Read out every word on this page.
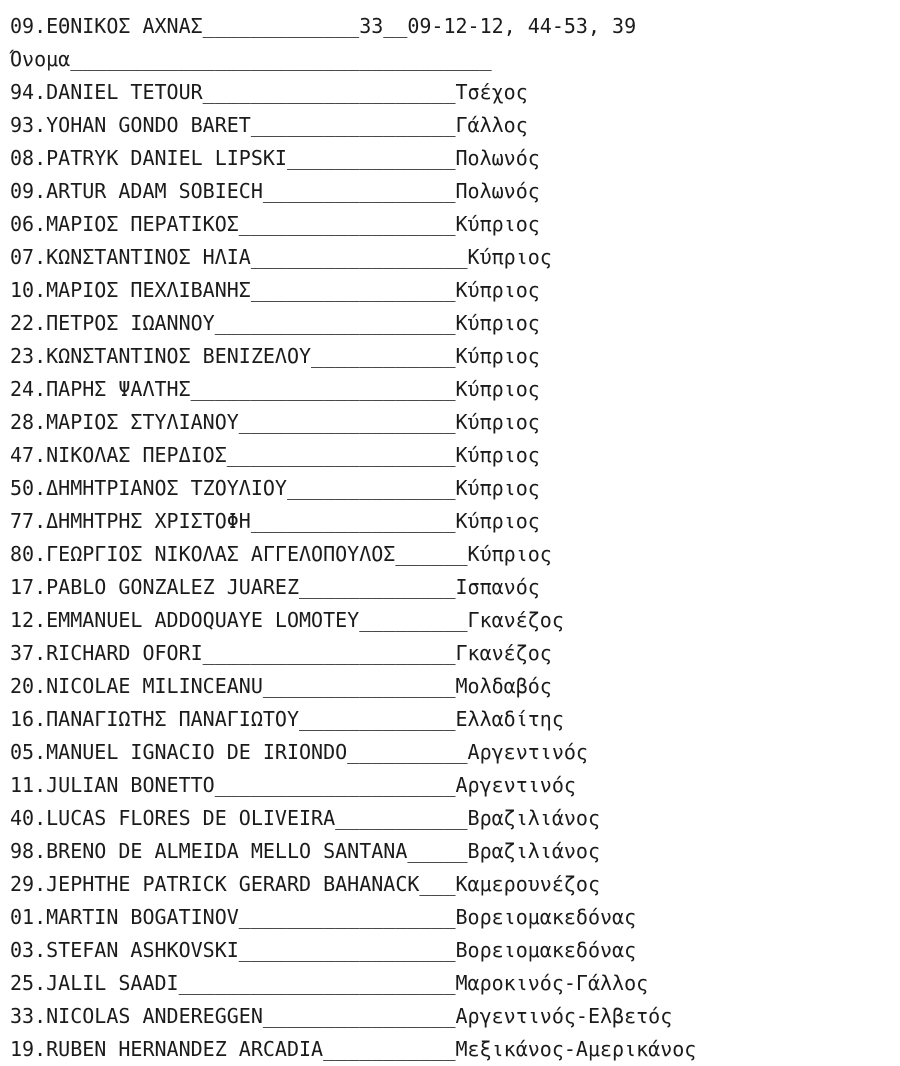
09.ΕΘΝΙΚΟΣ ΑΧΝΑΣ_____________33__09-12-12, 44-53, 39
Όνομα___________________________________
94.DANIEL TETOUR_____________________Τσέχος
93.YOHAN GONDO BARET_________________Γάλλος
08.PATRYK DANIEL LIPSKI______________Πολωνός
09.ARTUR ADAM SOBIECH________________Πολωνός
06.ΜΑΡΙΟΣ ΠΕΡΑΤΙΚΟΣ__________________Κύπριος
07.ΚΩΝΣΤΑΝΤΙΝΟΣ ΗΛΙΑ__________________Κύπριος
10.ΜΑΡΙΟΣ ΠΕΧΛΙΒΑΝΗΣ_________________Κύπριος
22.ΠΕΤΡΟΣ ΙΩΑΝΝΟΥ____________________Κύπριος
23.ΚΩΝΣΤΑΝΤΙΝΟΣ ΒΕΝΙΖΕΛΟΥ____________Κύπριος
24.ΠΑΡΗΣ ΨΑΛΤΗΣ______________________Κύπριος
28.ΜΑΡΙΟΣ ΣΤΥΛΙΑΝΟΥ__________________Κύπριος
47.ΝΙΚΟΛΑΣ ΠΕΡΔΙΟΣ___________________Κύπριος
50.ΔΗΜΗΤΡΙΑΝΟΣ ΤΖΟΥΛΙΟΥ______________Κύπριος
77.ΔΗΜΗΤΡΗΣ ΧΡΙΣΤΟΦΗ_________________Κύπριος
80.ΓΕΩΡΓΙΟΣ ΝΙΚΟΛΑΣ ΑΓΓΕΛΟΠΟΥΛΟΣ______Κύπριος
17.PABLO GONZALEZ JUAREZ_____________Ισπανός
12.EMMANUEL ADDOQUAYE LOMOTEY_________Γκανέζος
37.RICHARD OFORI_____________________Γκανέζος
20.NICOLAE MILINCEANU________________Μολδαβός
16.ΠΑΝΑΓΙΩΤΗΣ ΠΑΝΑΓΙΩΤΟΥ_____________Ελλαδίτης
05.MANUEL IGNACIO DE IRIONDO__________Αργεντινός
11.JULIAN BONETTO____________________Αργεντινός
40.LUCAS FLORES DE OLIVEIRA___________Βραζιλιάνος
98.BRENO DE ALMEIDA MELLO SANTANA_____Βραζιλιάνος
29.JEPHTHE PATRICK GERARD BAHANACK___Καμερουνέζος
01.MARTIN BOGATINOV__________________Βορειομακεδόνας
03.STEFAN ASHKOVSKI__________________Βορειομακεδόνας
25.JALIL SAADI_______________________Μαροκινός-Γάλλος
33.NICOLAS ANDEREGGEN________________Αργεντινός-Ελβετός
19.RUBEN HERNANDEZ ARCADIA___________Μεξικάνος-Αμερικάνος
